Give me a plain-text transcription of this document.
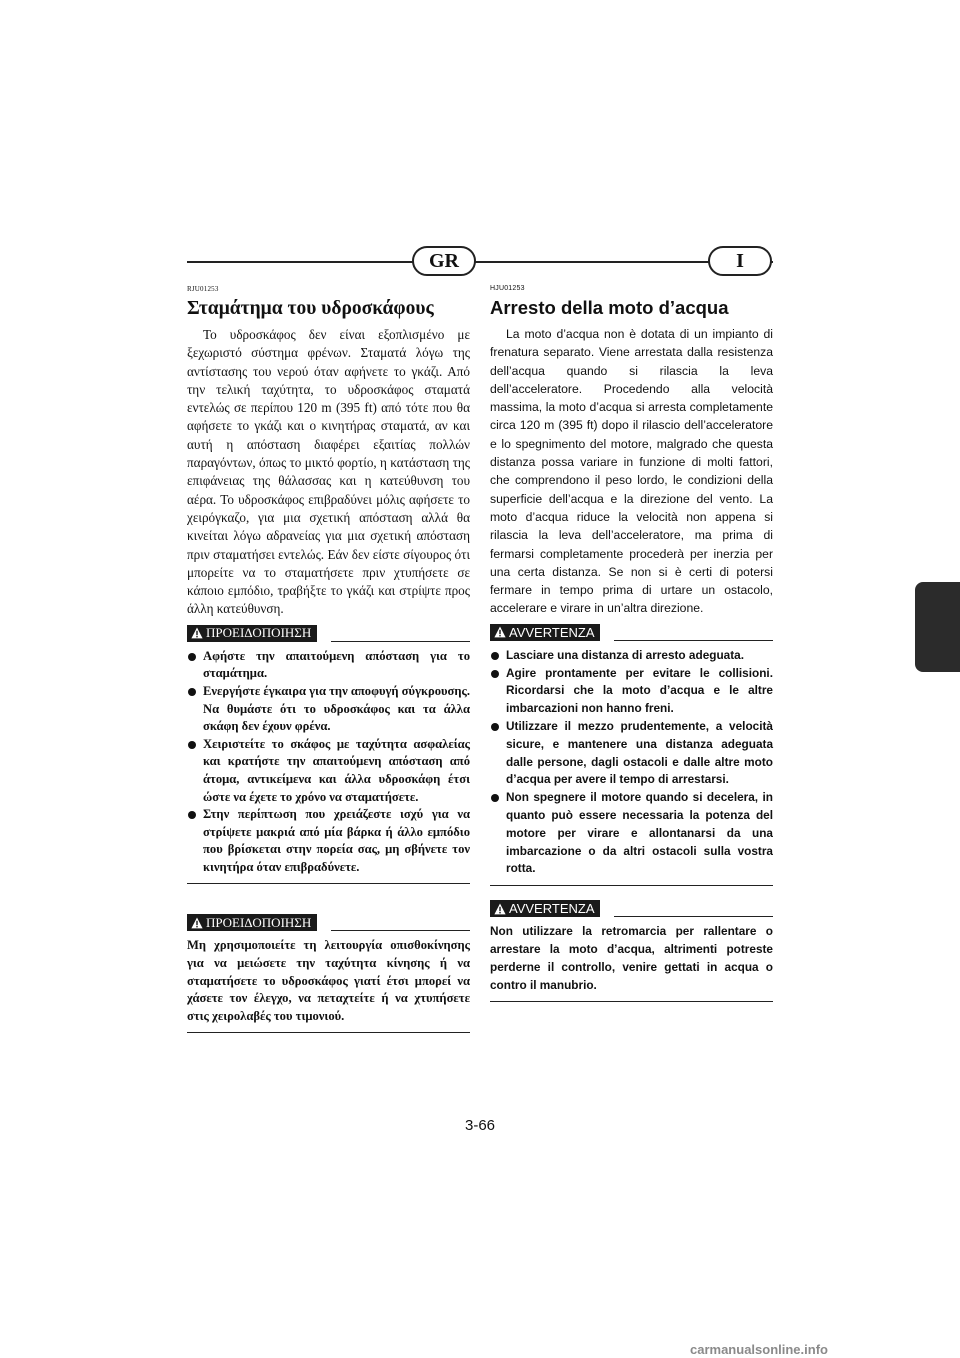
GR	I
RJU01253
Σταμάτημα του υδροσκάφους

Το υδροσκάφος δεν είναι εξοπλισμένο με ξεχωριστό σύστημα φρένων. Σταματά λόγω της αντίστασης του νερού όταν αφήνετε το γκάζι. Από την τελική ταχύτητα, το υδροσκάφος σταματά εντελώς σε περίπου 120 m (395 ft) από τότε που θα αφήσετε το γκάζι και ο κινητήρας σταματά, αν και αυτή η απόσταση διαφέρει εξαιτίας πολλών παραγόντων, όπως το μικτό φορτίο, η κατάσταση της επιφάνειας της θάλασσας και η κατεύθυνση του αέρα. Το υδροσκάφος επιβραδύνει μόλις αφήσετε το χειρόγκαζο, για μια σχετική απόσταση αλλά θα κινείται λόγω αδρανείας για μια σχετική απόσταση πριν σταματήσει εντελώς. Εάν δεν είστε σίγουρος ότι μπορείτε να το σταματήσετε πριν χτυπήσετε σε κάποιο εμπόδιο, τραβήξτε το γκάζι και στρίψτε προς άλλη κατεύθυνση.

ΠΡΟΕΙΔΟΠΟΙΗΣΗ
Αφήστε την απαιτούμενη απόσταση για το σταμάτημα.
Ενεργήστε έγκαιρα για την αποφυγή σύγκρουσης. Να θυμάστε ότι το υδροσκάφος και τα άλλα σκάφη δεν έχουν φρένα.
Χειριστείτε το σκάφος με ταχύτητα ασφαλείας και κρατήστε την απαιτούμενη απόσταση από άτομα, αντικείμενα και άλλα υδροσκάφη έτσι ώστε να έχετε το χρόνο να σταματήσετε.
Στην περίπτωση που χρειάζεστε ισχύ για να στρίψετε μακριά από μία βάρκα ή άλλο εμπόδιο που βρίσκεται στην πορεία σας, μη σβήνετε τον κινητήρα όταν επιβραδύνετε.
ΠΡΟΕΙΔΟΠΟΙΗΣΗ

Μη χρησιμοποιείτε τη λειτουργία οπισθοκίνησης για να μειώσετε την ταχύτητα κίνησης ή να σταματήσετε το υδροσκάφος γιατί έτσι μπορεί να χάσετε τον έλεγχο, να πεταχτείτε ή να χτυπήσετε στις χειρολαβές του τιμονιού.

HJU01253
Arresto della moto d’acqua

La moto d’acqua non è dotata di un impianto di frenatura separato. Viene arrestata dalla resistenza dell’acqua quando si rilascia la leva dell’acceleratore. Procedendo alla velocità massima, la moto d’acqua si arresta completamente circa 120 m (395 ft) dopo il rilascio dell’acceleratore e lo spegnimento del motore, malgrado che questa distanza possa variare in funzione di molti fattori, che comprendono il peso lordo, le condizioni della superficie dell’acqua e la direzione del vento. La moto d’acqua riduce la velocità non appena si rilascia la leva dell’acceleratore, ma prima di fermarsi completamente procederà per inerzia per una certa distanza. Se non si è certi di potersi fermare in tempo prima di urtare un ostacolo, accelerare e virare in un’altra direzione.

AVVERTENZA
Lasciare una distanza di arresto adeguata.
Agire prontamente per evitare le collisioni. Ricordarsi che la moto d’acqua e le altre imbarcazioni non hanno freni.
Utilizzare il mezzo prudentemente, a velocità sicure, e mantenere una distanza adeguata dalle persone, dagli ostacoli e dalle altre moto d’acqua per avere il tempo di arrestarsi.
Non spegnere il motore quando si decelera, in quanto può essere necessaria la potenza del motore per virare e allontanarsi da una imbarcazione o da altri ostacoli sulla vostra rotta.
AVVERTENZA

Non utilizzare la retromarcia per rallentare o arrestare la moto d’acqua, altrimenti potreste perderne il controllo, venire gettati in acqua o contro il manubrio.

3-66
carmanualsonline.info
